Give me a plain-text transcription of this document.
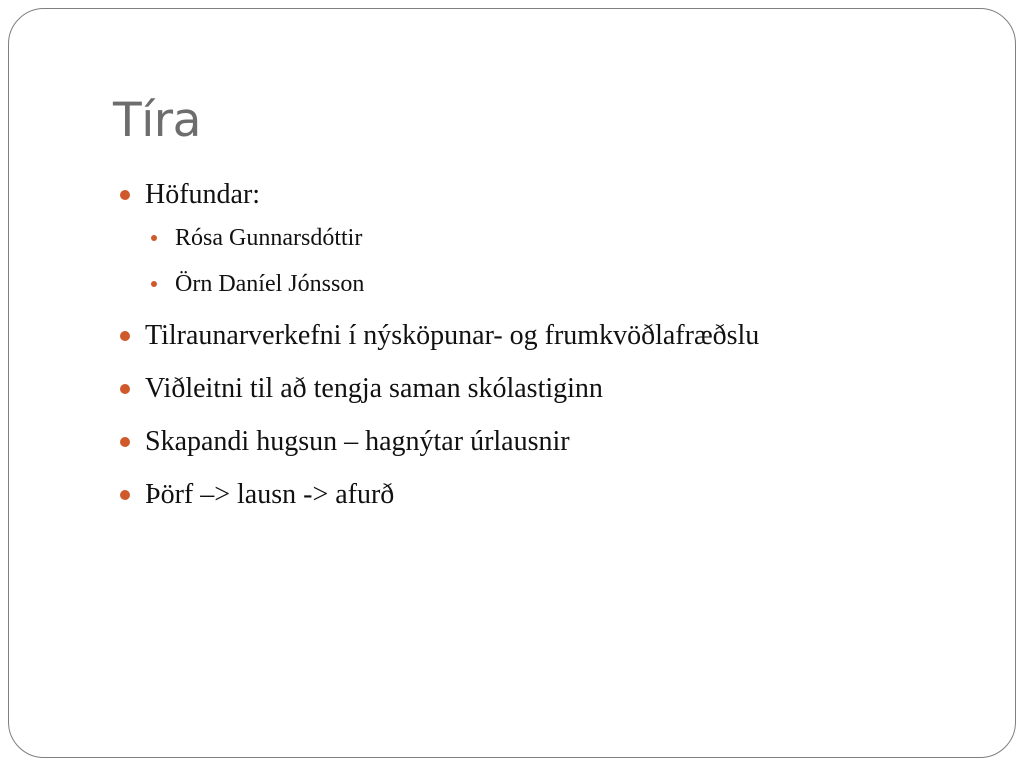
Tíra
Höfundar:
Rósa Gunnarsdóttir
Örn Daníel Jónsson
Tilraunarverkefni í nýsköpunar- og frumkvöðlafræðslu
Viðleitni til að tengja saman skólastiginn
Skapandi hugsun – hagnýtar úrlausnir
Þörf –> lausn -> afurð
